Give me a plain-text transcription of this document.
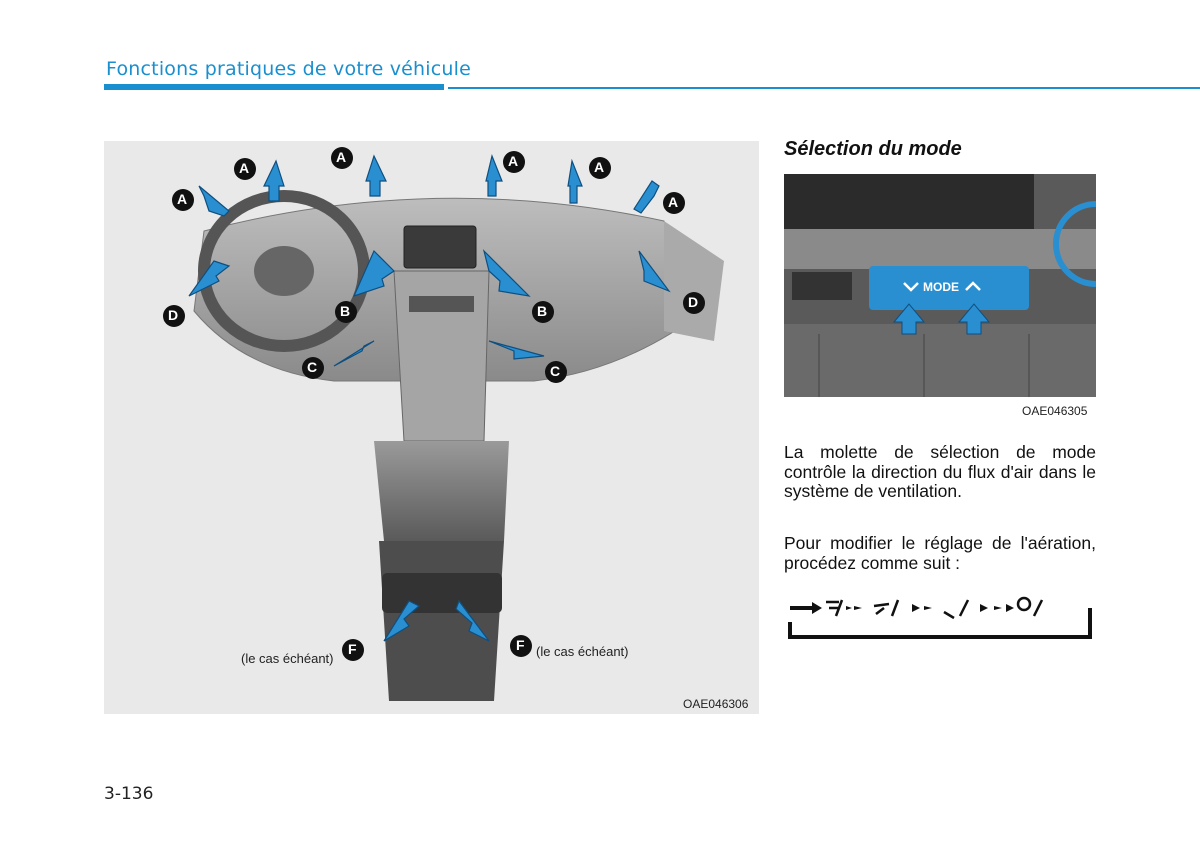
Fonctions pratiques de votre véhicule
(le cas échéant)	(le cas échéant)
OAE046306
A
A	A	A
A	A
B	B
C	C
D
D
F	F
Sélection du mode
MODE
OAE046305
La molette de sélection de mode contrôle la direction du flux d'air dans le système de ventilation.
Pour modifier le réglage de l'aération, procédez comme suit :
3-136
